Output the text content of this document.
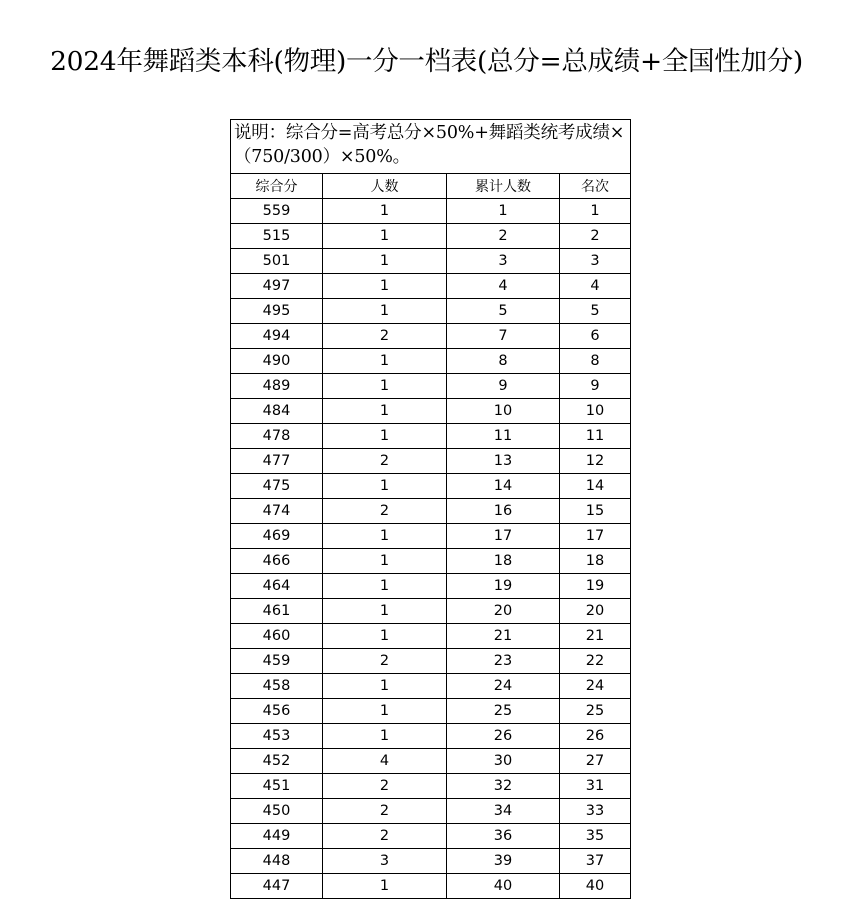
2024年舞蹈类本科(物理)一分一档表(总分=总成绩+全国性加分)
说明：综合分=高考总分×50%+舞蹈类统考成绩×（750/300）×50%。			
综合分	人数	累计人数	名次
559	1	1	1
515	1	2	2
501	1	3	3
497	1	4	4
495	1	5	5
494	2	7	6
490	1	8	8
489	1	9	9
484	1	10	10
478	1	11	11
477	2	13	12
475	1	14	14
474	2	16	15
469	1	17	17
466	1	18	18
464	1	19	19
461	1	20	20
460	1	21	21
459	2	23	22
458	1	24	24
456	1	25	25
453	1	26	26
452	4	30	27
451	2	32	31
450	2	34	33
449	2	36	35
448	3	39	37
447	1	40	40
